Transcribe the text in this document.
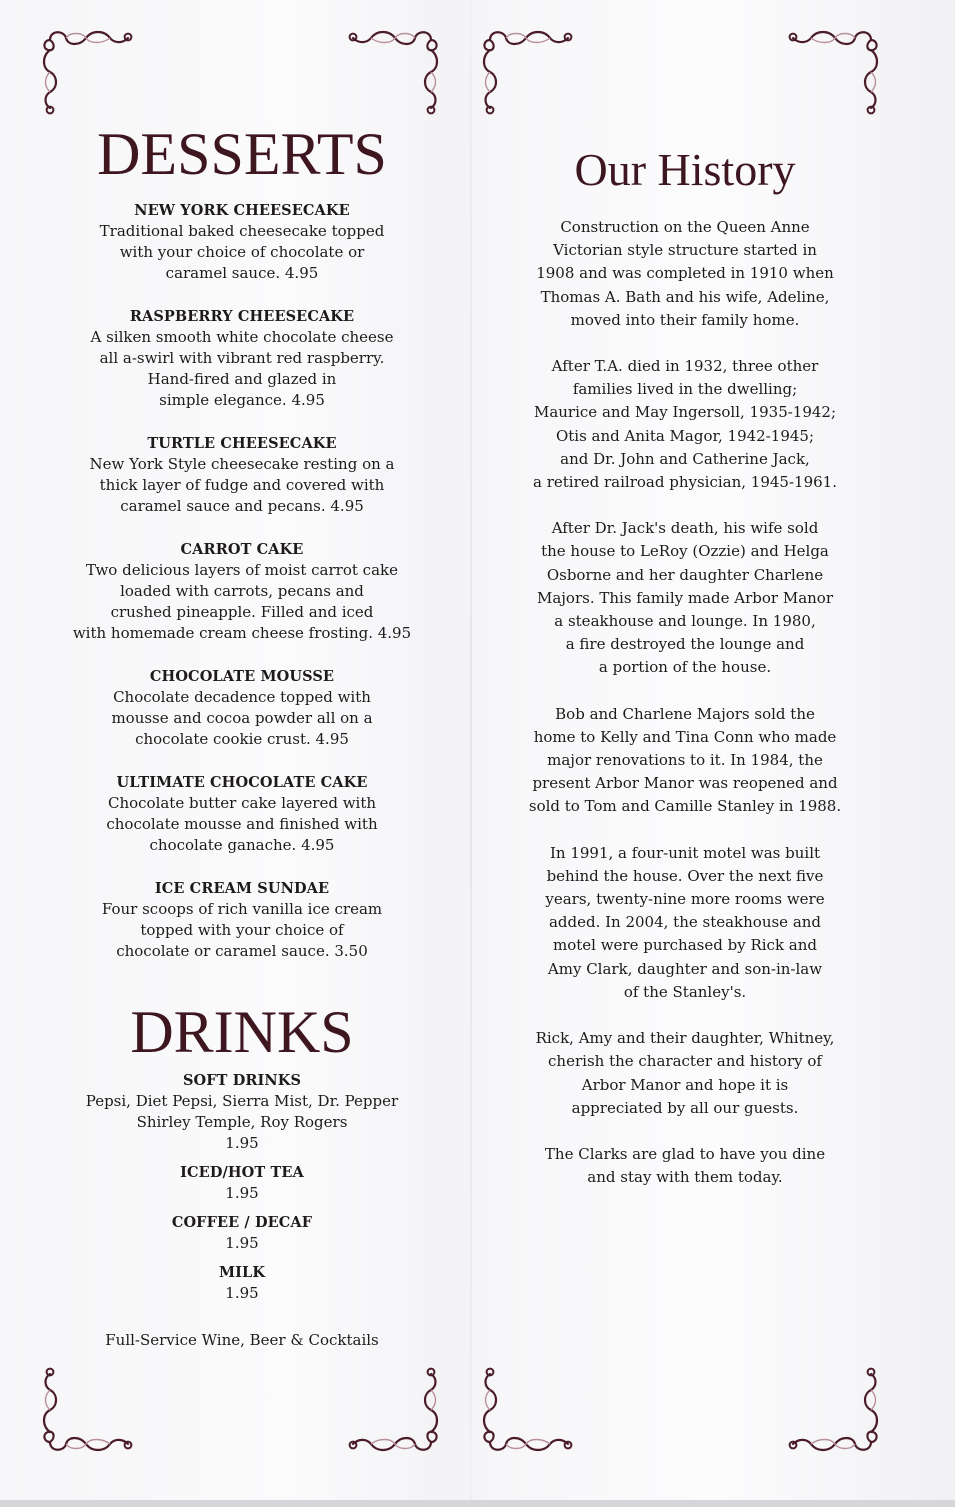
DESSERTS
NEW YORK CHEESECAKE
Traditional baked cheesecake topped
with your choice of chocolate or
caramel sauce. 4.95
RASPBERRY CHEESECAKE
A silken smooth white chocolate cheese
all a-swirl with vibrant red raspberry.
Hand-fired and glazed in
simple elegance. 4.95
TURTLE CHEESECAKE
New York Style cheesecake resting on a
thick layer of fudge and covered with
caramel sauce and pecans. 4.95
CARROT CAKE
Two delicious layers of moist carrot cake
loaded with carrots, pecans and
crushed pineapple. Filled and iced
with homemade cream cheese frosting. 4.95
CHOCOLATE MOUSSE
Chocolate decadence topped with
mousse and cocoa powder all on a
chocolate cookie crust. 4.95
ULTIMATE CHOCOLATE CAKE
Chocolate butter cake layered with
chocolate mousse and finished with
chocolate ganache. 4.95
ICE CREAM SUNDAE
Four scoops of rich vanilla ice cream
topped with your choice of
chocolate or caramel sauce. 3.50
DRINKS
SOFT DRINKS
Pepsi, Diet Pepsi, Sierra Mist, Dr. Pepper
Shirley Temple, Roy Rogers
1.95
ICED/HOT TEA
1.95
COFFEE / DECAF
1.95
MILK
1.95
Full-Service Wine, Beer & Cocktails
Our History

Construction on the Queen Anne
Victorian style structure started in
1908 and was completed in 1910 when
Thomas A. Bath and his wife, Adeline,
moved into their family home.

After T.A. died in 1932, three other
families lived in the dwelling;
Maurice and May Ingersoll, 1935-1942;
Otis and Anita Magor, 1942-1945;
and Dr. John and Catherine Jack,
a retired railroad physician, 1945-1961.

After Dr. Jack's death, his wife sold
the house to LeRoy (Ozzie) and Helga
Osborne and her daughter Charlene
Majors. This family made Arbor Manor
a steakhouse and lounge. In 1980,
a fire destroyed the lounge and
a portion of the house.

Bob and Charlene Majors sold the
home to Kelly and Tina Conn who made
major renovations to it. In 1984, the
present Arbor Manor was reopened and
sold to Tom and Camille Stanley in 1988.

In 1991, a four-unit motel was built
behind the house. Over the next five
years, twenty-nine more rooms were
added. In 2004, the steakhouse and
motel were purchased by Rick and
Amy Clark, daughter and son-in-law
of the Stanley's.

Rick, Amy and their daughter, Whitney,
cherish the character and history of
Arbor Manor and hope it is
appreciated by all our guests.

The Clarks are glad to have you dine
and stay with them today.
